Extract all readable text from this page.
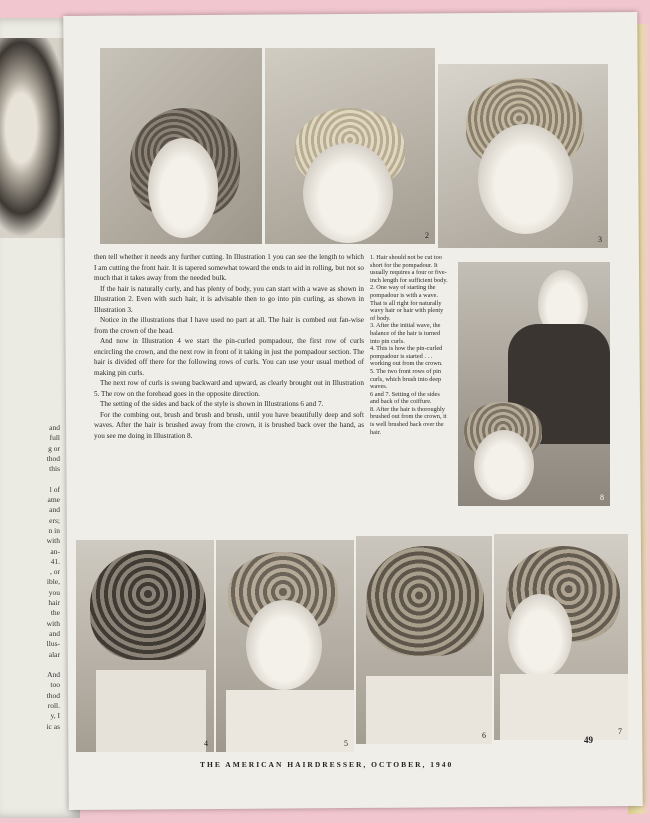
and
full
g or
thod
this

l of
ame
and
ers;
n in
with
an-
41.
, or
ible,
you
hair
the
with
and
llus-
alar

And
too
thod
roll.
y, I
ic as
2	3
8

then tell whether it needs any further cutting. In Illustration 1 you can see the length to which I am cutting the front hair. It is tapered somewhat toward the ends to aid in rolling, but not so much that it takes away from the needed bulk.

If the hair is naturally curly, and has plenty of body, you can start with a wave as shown in Illustration 2. Even with such hair, it is advisable then to go into pin curling, as shown in Illustration 3.

Notice in the illustrations that I have used no part at all. The hair is combed out fan-wise from the crown of the head.

And now in Illustration 4 we start the pin-curled pompadour, the first row of curls encircling the crown, and the next row in front of it taking in just the pompadour section. The hair is divided off there for the following rows of curls. You can use your usual method of making pin curls.

The next row of curls is swung backward and upward, as clearly brought out in Illustration 5. The row on the forehead goes in the opposite direction.

The setting of the sides and back of the style is shown in Illustrations 6 and 7.

For the combing out, brush and brush and brush, until you have beautifully deep and soft waves. After the hair is brushed away from the crown, it is brushed back over the hand, as you see me doing in Illustration 8.

1. Hair should not be cut too short for the pompadour. It usually requires a four or five-inch length for sufficient body.

2. One way of starting the pompadour is with a wave. That is all right for naturally wavy hair or hair with plenty of body.

3. After the initial wave, the balance of the hair is turned into pin curls.

4. This is how the pin-curled pompadour is started . . . working out from the crown.

5. The two front rows of pin curls, which brush into deep waves.

6 and 7. Setting of the sides and back of the coiffure.

8. After the hair is thoroughly brushed out from the crown, it is well brushed back over the hair.

4	5
6	7
THE AMERICAN HAIRDRESSER, OCTOBER, 1940
49
